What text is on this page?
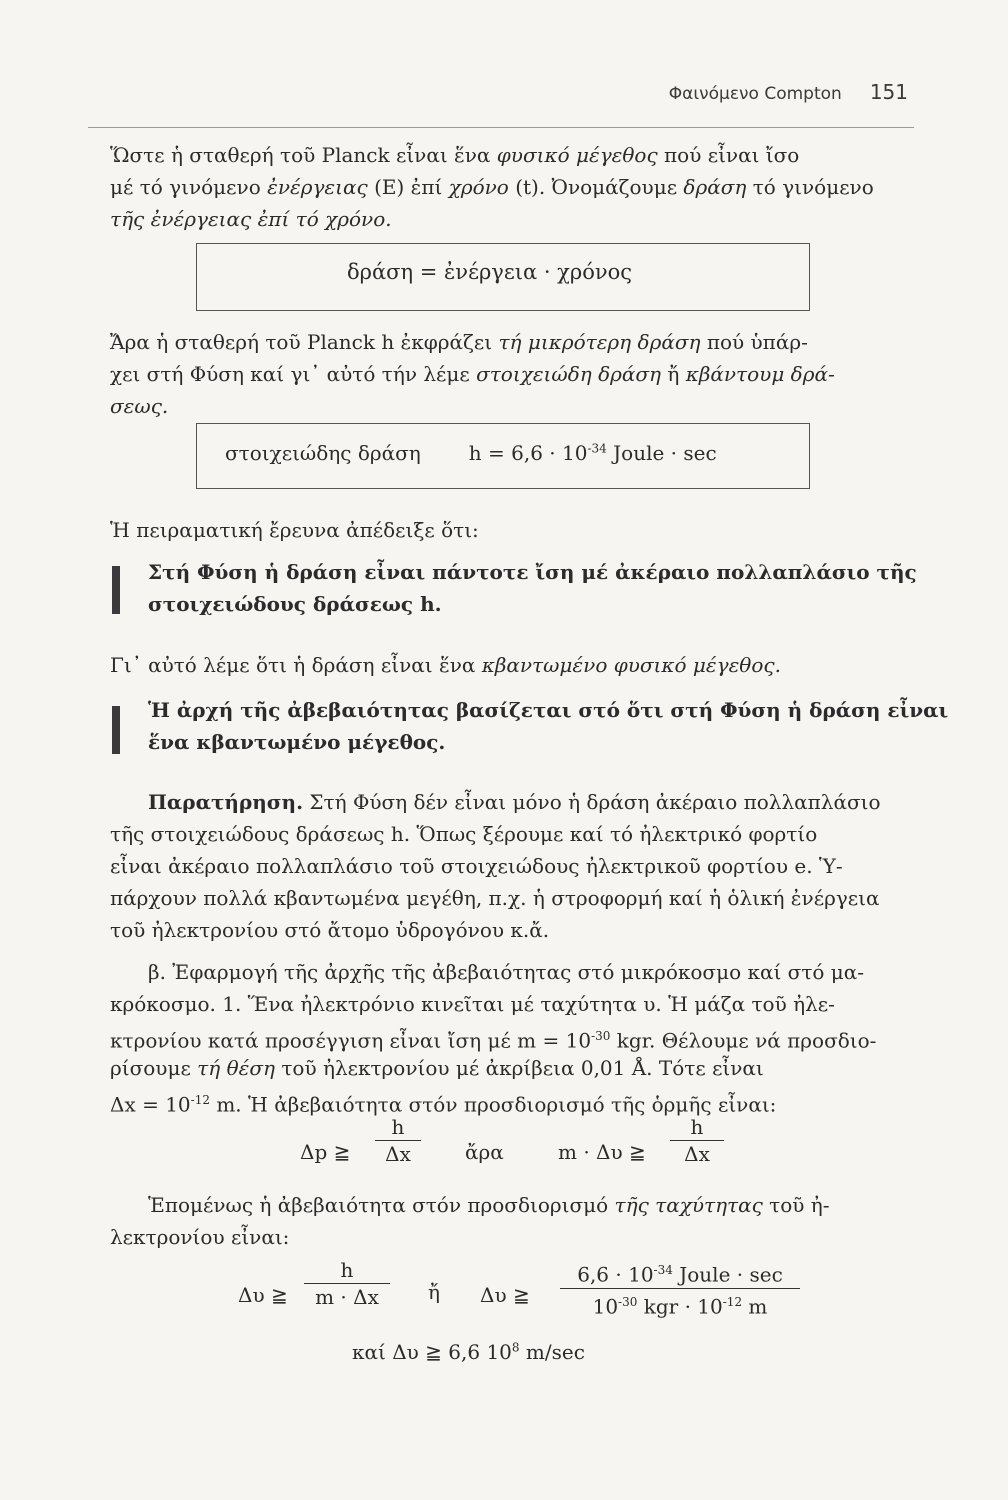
Φαινόμενο Compton 151
Ὥστε ἡ σταθερή τοῦ Planck εἶναι ἕνα φυσικό μέγεθος πού εἶναι ἴσο
μέ τό γινόμενο ἐνέργειας (E) ἐπί χρόνο (t). Ὀνομάζουμε δράση τό γινόμενο
τῆς ἐνέργειας ἐπί τό χρόνο.
δράση = ἐνέργεια · χρόνος
Ἄρα ἡ σταθερή τοῦ Planck h ἐκφράζει τή μικρότερη δράση πού ὑπάρ-
χει στή Φύση καί γι᾿ αὐτό τήν λέμε στοιχειώδη δράση ἤ κβάντουμ δρά-
σεως.
στοιχειώδης δράση $h = 6,6 \cdot 10^{-34}$ Joule · sec
Ἡ πειραματική ἔρευνα ἀπέδειξε ὅτι:
Στή Φύση ἡ δράση εἶναι πάντοτε ἴση μέ ἀκέραιο πολλαπλάσιο τῆς
στοιχειώδους δράσεως h.
Γι᾿ αὐτό λέμε ὅτι ἡ δράση εἶναι ἕνα κβαντωμένο φυσικό μέγεθος.
Ἡ ἀρχή τῆς ἀβεβαιότητας βασίζεται στό ὅτι στή Φύση ἡ δράση εἶναι
ἕνα κβαντωμένο μέγεθος.
Παρατήρηση. Στή Φύση δέν εἶναι μόνο ἡ δράση ἀκέραιο πολλαπλάσιο
τῆς στοιχειώδους δράσεως h. Ὅπως ξέρουμε καί τό ἠλεκτρικό φορτίο
εἶναι ἀκέραιο πολλαπλάσιο τοῦ στοιχειώδους ἠλεκτρικοῦ φορτίου e. Ὑ-
πάρχουν πολλά κβαντωμένα μεγέθη, π.χ. ἡ στροφορμή καί ἡ ὁλική ἐνέργεια
τοῦ ἠλεκτρονίου στό ἄτομο ὑδρογόνου κ.ἄ.
β. Ἐφαρμογή τῆς ἀρχῆς τῆς ἀβεβαιότητας στό μικρόκοσμο καί στό μα-
κρόκοσμο. 1. Ἕνα ἠλεκτρόνιο κινεῖται μέ ταχύτητα υ. Ἡ μάζα τοῦ ἠλε-
κτρονίου κατά προσέγγιση εἶναι ἴση μέ $m = 10^{-30}$ kgr. Θέλουμε νά προσδιο-
ρίσουμε τή θέση τοῦ ἠλεκτρονίου μέ ἀκρίβεια 0,01 Å. Τότε εἶναι
$\Delta x = 10^{-12}$ m. Ἡ ἀβεβαιότητα στόν προσδιορισμό τῆς ὁρμῆς εἶναι:
Δp ≧ $\frac{h}{\Delta x}$ ἄρα	m · Δυ ≧ $\frac{h}{\Delta x}$
Ἑπομένως ἡ ἀβεβαιότητα στόν προσδιορισμό τῆς ταχύτητας τοῦ ἠ-
λεκτρονίου εἶναι:
Δυ ≧ $\frac{h}{m \cdot \Delta x}$ ἤ Δυ ≧
$6,6 \cdot 10^{-34}$ Joule · sec
$10^{-30}$ kgr · $10^{-12}$ m
καί Δυ ≧ 6,6 $10^8$ m/sec
